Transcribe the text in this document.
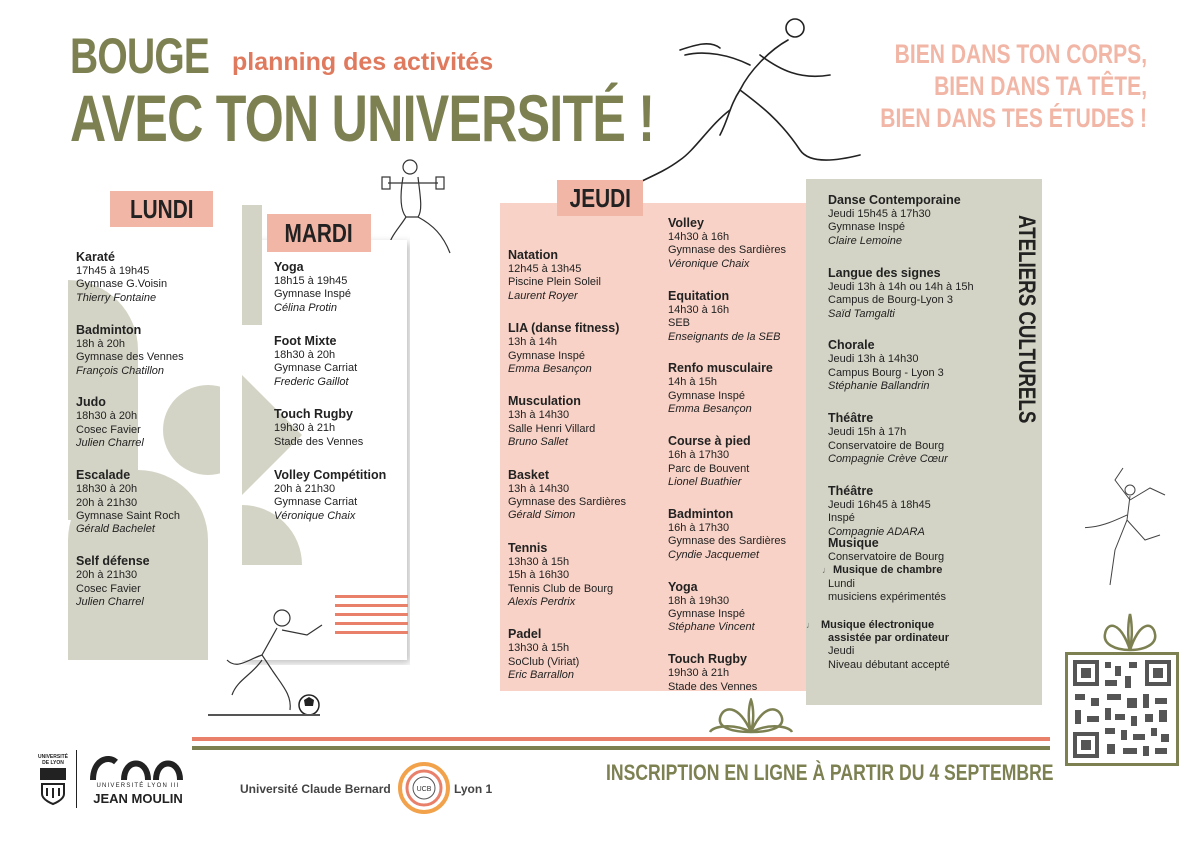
BOUGE
AVEC TON UNIVERSITÉ !
planning des activités	BIEN DANS TON CORPS,
BIEN DANS TA TÊTE,
BIEN DANS TES ÉTUDES !
LUNDI
Karaté
17h45 à 19h45
Gymnase G.Voisin
Thierry Fontaine
Badminton
18h à 20h
Gymnase des Vennes
François Chatillon
Judo
18h30 à 20h
Cosec Favier
Julien Charrel
Escalade
18h30 à 20h
20h à 21h30
Gymnase Saint Roch
Gérald Bachelet
Self défense
20h à 21h30
Cosec Favier
Julien Charrel
MARDI
Yoga
18h15 à 19h45
Gymnase Inspé
Célina Protin
Foot Mixte
18h30 à 20h
Gymnase Carriat
Frederic Gaillot
Touch Rugby
19h30 à 21h
Stade des Vennes
Volley Compétition
20h à 21h30
Gymnase Carriat
Véronique Chaix
JEUDI
Natation
12h45 à 13h45
Piscine Plein Soleil
Laurent Royer
LIA (danse fitness)
13h à 14h
Gymnase Inspé
Emma Besançon
Musculation
13h à 14h30
Salle Henri Villard
Bruno Sallet
Basket
13h à 14h30
Gymnase des Sardières
Gérald Simon
Tennis
13h30 à 15h
15h à 16h30
Tennis Club de Bourg
Alexis Perdrix
Padel
13h30 à 15h
SoClub (Viriat)
Eric Barrallon
Volley
14h30 à 16h
Gymnase des Sardières
Véronique Chaix
Equitation
14h30 à 16h
SEB
Enseignants de la SEB
Renfo musculaire
14h à 15h
Gymnase Inspé
Emma Besançon
Course à pied
16h à 17h30
Parc de Bouvent
Lionel Buathier
Badminton
16h à 17h30
Gymnase des Sardières
Cyndie Jacquemet
Yoga
18h à 19h30
Gymnase Inspé
Stéphane Vincent
Touch Rugby
19h30 à 21h
Stade des Vennes
ATELIERS CULTURELS
Danse Contemporaine
Jeudi 15h45 à 17h30
Gymnase Inspé
Claire Lemoine
Langue des signes
Jeudi 13h à 14h ou 14h à 15h
Campus de Bourg-Lyon 3
Saïd Tamgalti
Chorale
Jeudi 13h à 14h30
Campus Bourg - Lyon 3
Stéphanie Ballandrin
Théâtre
Jeudi 15h à 17h
Conservatoire de Bourg
Compagnie Crève Cœur
Théâtre
Jeudi 16h45 à 18h45
Inspé
Compagnie ADARA
Musique
Conservatoire de Bourg
♩ Musique de chambre
Lundi
musiciens expérimentés
♩ Musique électronique assistée par ordinateur
Jeudi
Niveau débutant accepté
INSCRIPTION EN LIGNE À PARTIR DU 4 SEPTEMBRE
UNIVERSITÉ DE LYON
UNIVERSITÉ LYON III
JEAN MOULIN
Université Claude Bernard	UCB Lyon 1
